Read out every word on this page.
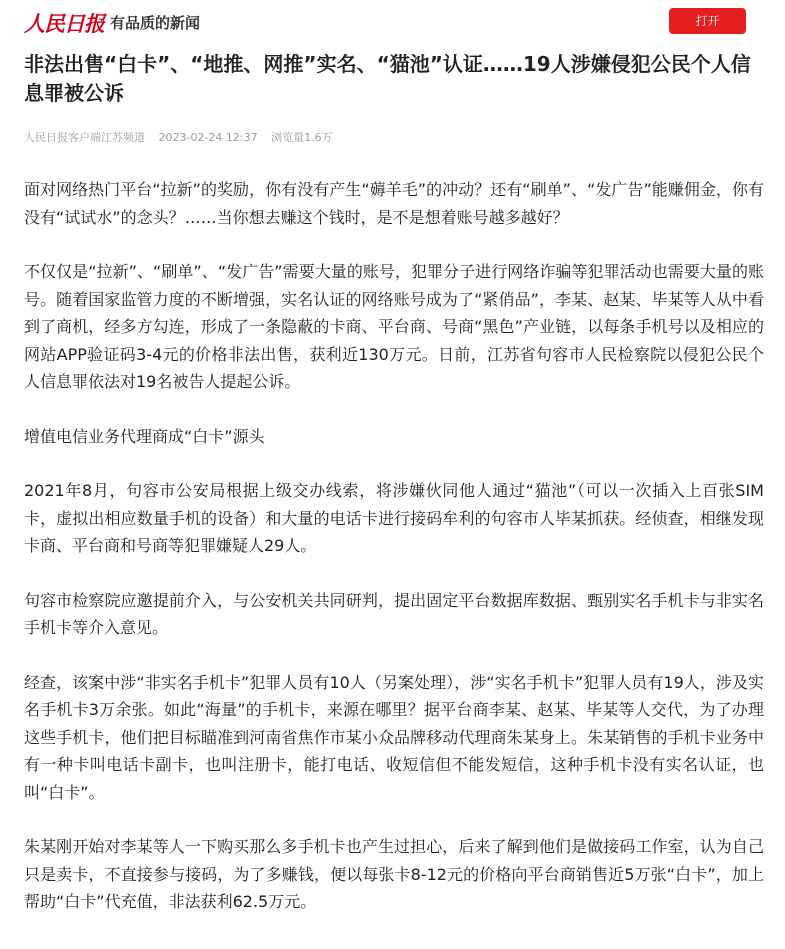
人民日报 有品质的新闻	打开
非法出售“白卡”、“地推、网推”实名、“猫池”认证……19人涉嫌侵犯公民个人信息罪被公诉
人民日报客户端江苏频道 2023-02-24 12:37 浏览量1.6万

面对网络热门平台“拉新”的奖励，你有没有产生“薅羊毛”的冲动？还有“刷单”、“发广告”能赚佣金，你有没有“试试水”的念头？……当你想去赚这个钱时，是不是想着账号越多越好？

不仅仅是“拉新”、“刷单”、“发广告”需要大量的账号，犯罪分子进行网络诈骗等犯罪活动也需要大量的账号。随着国家监管力度的不断增强，实名认证的网络账号成为了“紧俏品”，李某、赵某、毕某等人从中看到了商机，经多方勾连，形成了一条隐蔽的卡商、平台商、号商“黑色”产业链，以每条手机号以及相应的网站APP验证码3-4元的价格非法出售，获利近130万元。日前，江苏省句容市人民检察院以侵犯公民个人信息罪依法对19名被告人提起公诉。

增值电信业务代理商成“白卡”源头

2021年8月，句容市公安局根据上级交办线索，将涉嫌伙同他人通过“猫池”（可以一次插入上百张SIM卡，虚拟出相应数量手机的设备）和大量的电话卡进行接码牟利的句容市人毕某抓获。经侦查，相继发现卡商、平台商和号商等犯罪嫌疑人29人。

句容市检察院应邀提前介入，与公安机关共同研判，提出固定平台数据库数据、甄别实名手机卡与非实名手机卡等介入意见。

经查，该案中涉“非实名手机卡”犯罪人员有10人（另案处理），涉“实名手机卡”犯罪人员有19人，涉及实名手机卡3万余张。如此“海量”的手机卡，来源在哪里？据平台商李某、赵某、毕某等人交代，为了办理这些手机卡，他们把目标瞄准到河南省焦作市某小众品牌移动代理商朱某身上。朱某销售的手机卡业务中有一种卡叫电话卡副卡，也叫注册卡，能打电话、收短信但不能发短信，这种手机卡没有实名认证，也叫“白卡”。

朱某刚开始对李某等人一下购买那么多手机卡也产生过担心，后来了解到他们是做接码工作室，认为自己只是卖卡，不直接参与接码，为了多赚钱，便以每张卡8-12元的价格向平台商销售近5万张“白卡”，加上帮助“白卡”代充值，非法获利62.5万元。
